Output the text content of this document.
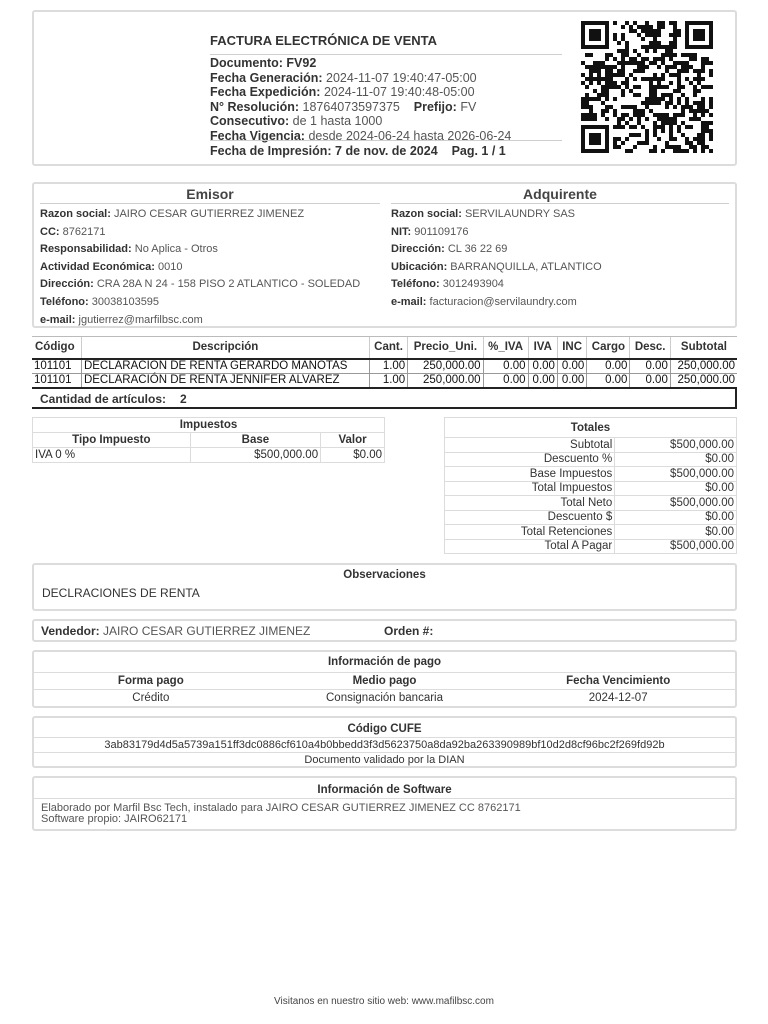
FACTURA ELECTRÓNICA DE VENTA
Documento: FV92
Fecha Generación: 2024-11-07 19:40:47-05:00
Fecha Expedición: 2024-11-07 19:40:48-05:00
N° Resolución: 18764073597375 Prefijo: FV
Consecutivo: de 1 hasta 1000
Fecha Vigencia: desde 2024-06-24 hasta 2026-06-24
Fecha de Impresión: 7 de nov. de 2024 Pag. 1 / 1
Emisor
Razon social: JAIRO CESAR GUTIERREZ JIMENEZ
CC: 8762171
Responsabilidad: No Aplica - Otros
Actividad Económica: 0010
Dirección: CRA 28A N 24 - 158 PISO 2 ATLANTICO - SOLEDAD
Teléfono: 30038103595
e-mail: jgutierrez@marfilbsc.com
Adquirente
Razon social: SERVILAUNDRY SAS
NIT: 901109176
Dirección: CL 36 22 69
Ubicación: BARRANQUILLA, ATLANTICO
Teléfono: 3012493904
e-mail: facturacion@servilaundry.com
Código	Descripción	Cant.	Precio_Uni.	%_IVA	IVA	INC	Cargo	Desc.	Subtotal
101101	DECLARACION DE RENTA GERARDO MANOTAS	1.00	250,000.00	0.00	0.00	0.00	0.00	0.00	250,000.00
101101	DECLARACIÓN DE RENTA JENNIFER ALVAREZ	1.00	250,000.00	0.00	0.00	0.00	0.00	0.00	250,000.00
Cantidad de artículos: 2
Impuestos		
Tipo Impuesto	Base	Valor
IVA 0 %	$500,000.00	$0.00
Totales	
Subtotal	$500,000.00
Descuento %	$0.00
Base Impuestos	$500,000.00
Total Impuestos	$0.00
Total Neto	$500,000.00
Descuento $	$0.00
Total Retenciones	$0.00
Total A Pagar	$500,000.00
Observaciones
DECLRACIONES DE RENTA
Vendedor: JAIRO CESAR GUTIERREZ JIMENEZ	Orden #:
Información de pago
Forma pago	Medio pago	Fecha Vencimiento
Crédito	Consignación bancaria	2024-12-07
Código CUFE
3ab83179d4d5a5739a151ff3dc0886cf610a4b0bbedd3f3d5623750a8da92ba263390989bf10d2d8cf96bc2f269fd92b
Documento validado por la DIAN
Información de Software
Elaborado por Marfil Bsc Tech, instalado para JAIRO CESAR GUTIERREZ JIMENEZ CC 8762171
Software propio: JAIRO62171
Visitanos en nuestro sitio web: www.mafilbsc.com
